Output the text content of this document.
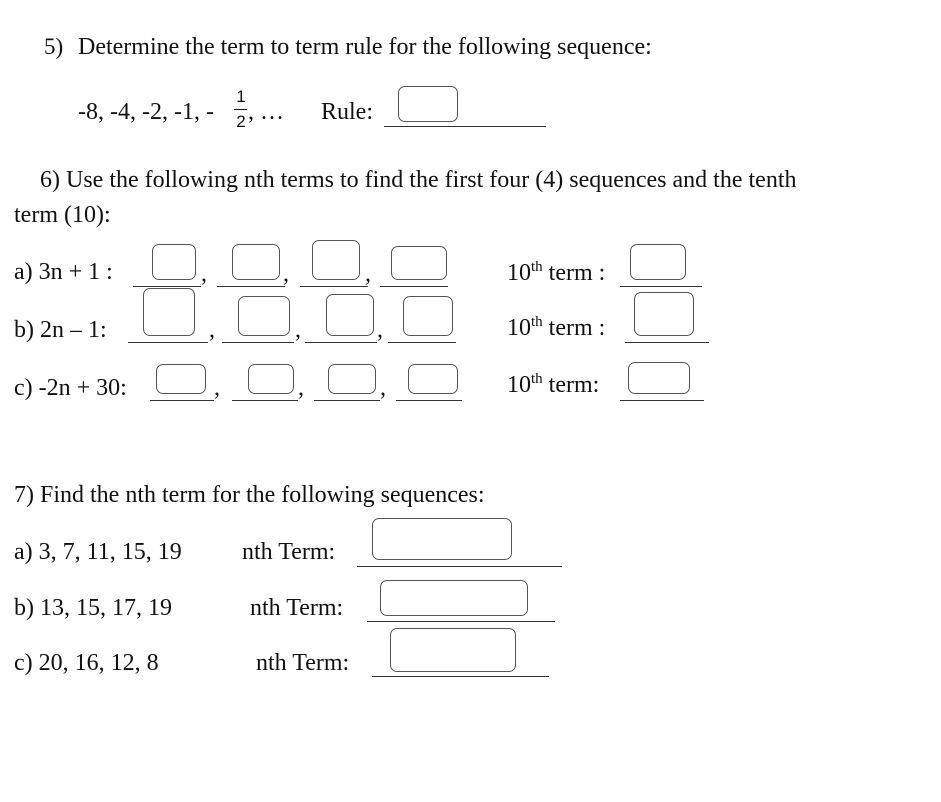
5) Determine the term to term rule for the following sequence:
-8, -4, -2, -1, -
1
2 , … Rule:
6) Use the following nth terms to find the first four (4) sequences and the tenth
term (10):
a) 3n + 1 :	,	,	,	10th term :
b) 2n – 1:	,	,	,	10th term :
c) -2n + 30:	,	,	,	10th term:
7) Find the nth term for the following sequences:
a) 3, 7, 11, 15, 19	nth Term:
b) 13, 15, 17, 19	nth Term:
c) 20, 16, 12, 8	nth Term:
